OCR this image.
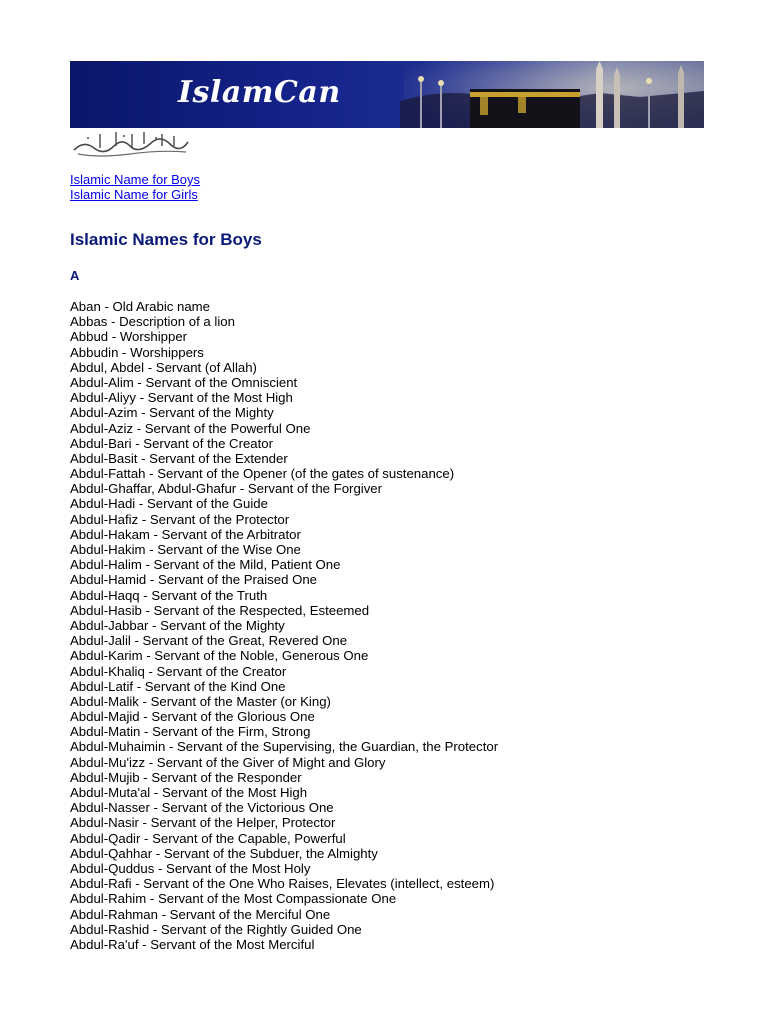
IslamCan
Islamic Name for Boys
Islamic Name for Girls
Islamic Names for Boys
A
Aban - Old Arabic name
Abbas - Description of a lion
Abbud - Worshipper
Abbudin - Worshippers
Abdul, Abdel - Servant (of Allah)
Abdul-Alim - Servant of the Omniscient
Abdul-Aliyy - Servant of the Most High
Abdul-Azim - Servant of the Mighty
Abdul-Aziz - Servant of the Powerful One
Abdul-Bari - Servant of the Creator
Abdul-Basit - Servant of the Extender
Abdul-Fattah - Servant of the Opener (of the gates of sustenance)
Abdul-Ghaffar, Abdul-Ghafur - Servant of the Forgiver
Abdul-Hadi - Servant of the Guide
Abdul-Hafiz - Servant of the Protector
Abdul-Hakam - Servant of the Arbitrator
Abdul-Hakim - Servant of the Wise One
Abdul-Halim - Servant of the Mild, Patient One
Abdul-Hamid - Servant of the Praised One
Abdul-Haqq - Servant of the Truth
Abdul-Hasib - Servant of the Respected, Esteemed
Abdul-Jabbar - Servant of the Mighty
Abdul-Jalil - Servant of the Great, Revered One
Abdul-Karim - Servant of the Noble, Generous One
Abdul-Khaliq - Servant of the Creator
Abdul-Latif - Servant of the Kind One
Abdul-Malik - Servant of the Master (or King)
Abdul-Majid - Servant of the Glorious One
Abdul-Matin - Servant of the Firm, Strong
Abdul-Muhaimin - Servant of the Supervising, the Guardian, the Protector
Abdul-Mu'izz - Servant of the Giver of Might and Glory
Abdul-Mujib - Servant of the Responder
Abdul-Muta'al - Servant of the Most High
Abdul-Nasser - Servant of the Victorious One
Abdul-Nasir - Servant of the Helper, Protector
Abdul-Qadir - Servant of the Capable, Powerful
Abdul-Qahhar - Servant of the Subduer, the Almighty
Abdul-Quddus - Servant of the Most Holy
Abdul-Rafi - Servant of the One Who Raises, Elevates (intellect, esteem)
Abdul-Rahim - Servant of the Most Compassionate One
Abdul-Rahman - Servant of the Merciful One
Abdul-Rashid - Servant of the Rightly Guided One
Abdul-Ra'uf - Servant of the Most Merciful
